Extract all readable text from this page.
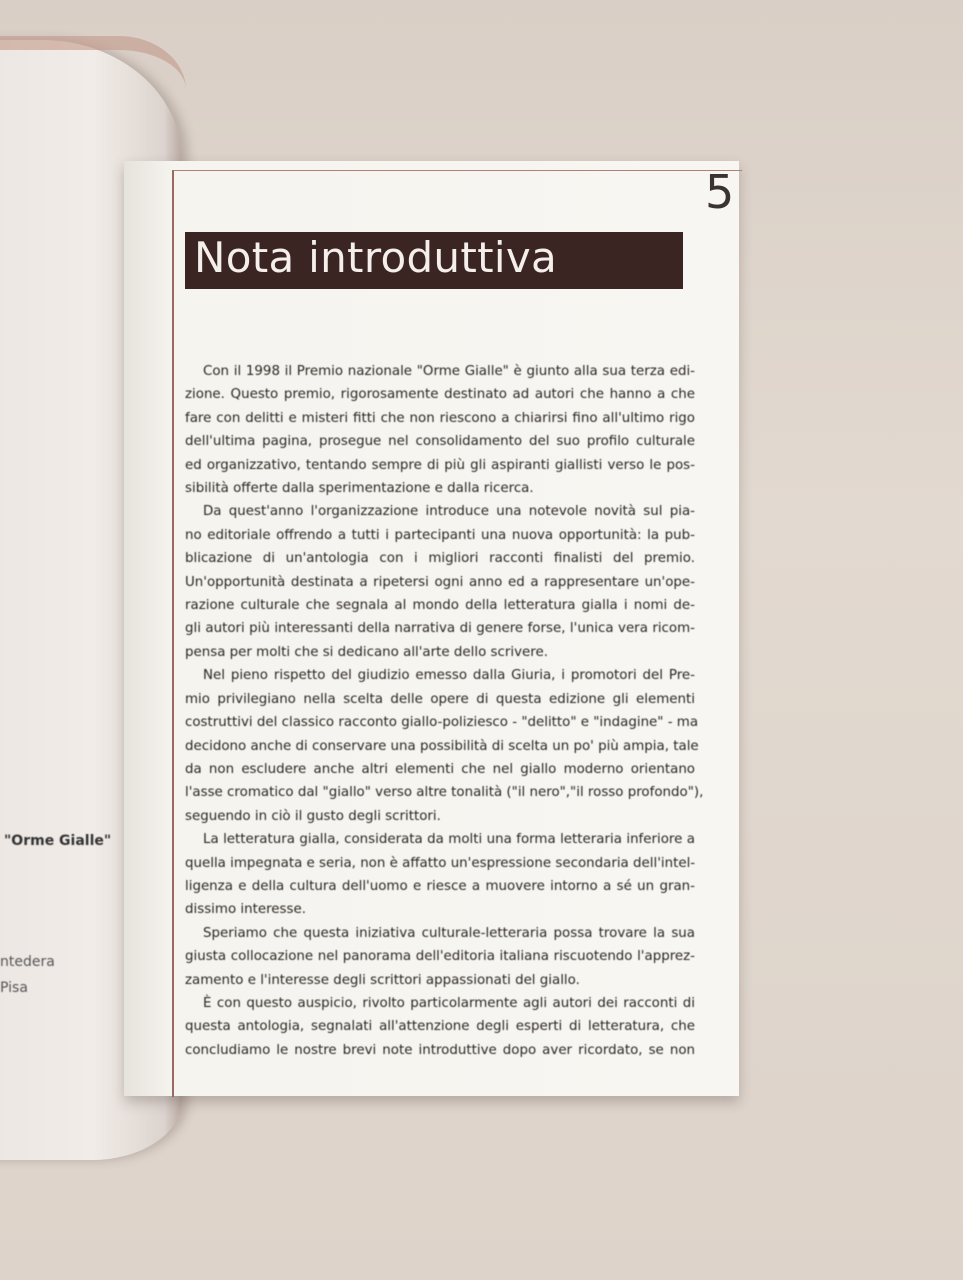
"Orme Gialle"
ntedera
Pisa
5
Nota introduttiva
Con il 1998 il Premio nazionale "Orme Gialle" è giunto alla sua terza edi-
zione. Questo premio, rigorosamente destinato ad autori che hanno a che
fare con delitti e misteri fitti che non riescono a chiarirsi fino all'ultimo rigo
dell'ultima pagina, prosegue nel consolidamento del suo profilo culturale
ed organizzativo, tentando sempre di più gli aspiranti giallisti verso le pos-
sibilità offerte dalla sperimentazione e dalla ricerca.
Da quest'anno l'organizzazione introduce una notevole novità sul pia-
no editoriale offrendo a tutti i partecipanti una nuova opportunità: la pub-
blicazione di un'antologia con i migliori racconti finalisti del premio.
Un'opportunità destinata a ripetersi ogni anno ed a rappresentare un'ope-
razione culturale che segnala al mondo della letteratura gialla i nomi de-
gli autori più interessanti della narrativa di genere forse, l'unica vera ricom-
pensa per molti che si dedicano all'arte dello scrivere.
Nel pieno rispetto del giudizio emesso dalla Giuria, i promotori del Pre-
mio privilegiano nella scelta delle opere di questa edizione gli elementi
costruttivi del classico racconto giallo-poliziesco - "delitto" e "indagine" - ma
decidono anche di conservare una possibilità di scelta un po' più ampia, tale
da non escludere anche altri elementi che nel giallo moderno orientano
l'asse cromatico dal "giallo" verso altre tonalità ("il nero","il rosso profondo"),
seguendo in ciò il gusto degli scrittori.
La letteratura gialla, considerata da molti una forma letteraria inferiore a
quella impegnata e seria, non è affatto un'espressione secondaria dell'intel-
ligenza e della cultura dell'uomo e riesce a muovere intorno a sé un gran-
dissimo interesse.
Speriamo che questa iniziativa culturale-letteraria possa trovare la sua
giusta collocazione nel panorama dell'editoria italiana riscuotendo l'apprez-
zamento e l'interesse degli scrittori appassionati del giallo.
È con questo auspicio, rivolto particolarmente agli autori dei racconti di
questa antologia, segnalati all'attenzione degli esperti di letteratura, che
concludiamo le nostre brevi note introduttive dopo aver ricordato, se non
